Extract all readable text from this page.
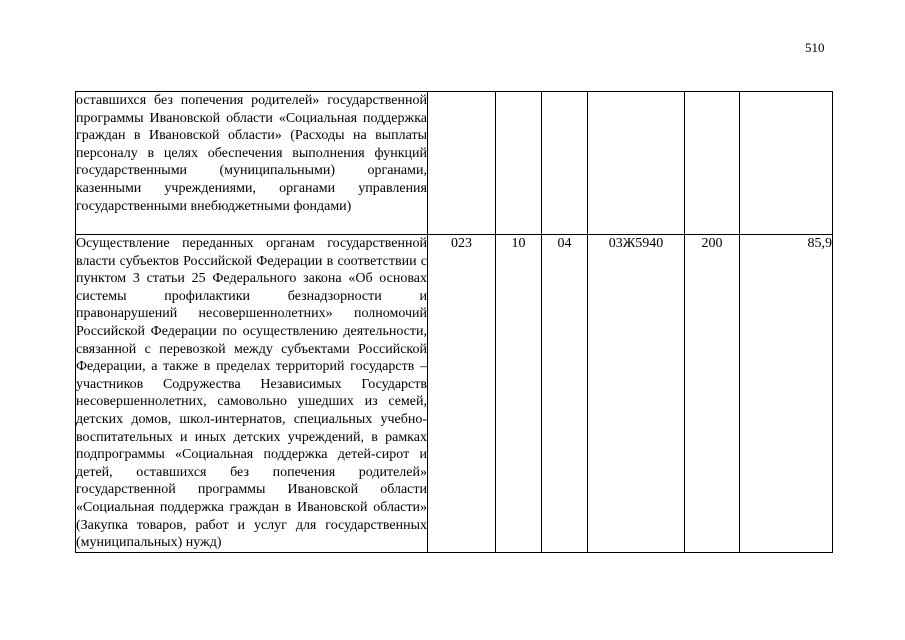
510
оставшихся без попечения родителей» государственной программы Ивановской области «Социальная поддержка граждан в Ивановской области» (Расходы на выплаты персоналу в целях обеспечения выполнения функций государственными (муниципальными) органами, казенными учреждениями, органами управления государственными внебюджетными фондами)						
Осуществление переданных органам государственной власти субъектов Российской Федерации в соответствии с пунктом 3 статьи 25 Федерального закона «Об основах системы профилактики безнадзорности и правонарушений несовершеннолетних» полномочий Российской Федерации по осуществлению деятельности, связанной с перевозкой между субъектами Российской Федерации, а также в пределах территорий государств – участников Содружества Независимых Государств несовершеннолетних, самовольно ушедших из семей, детских домов, школ-интернатов, специальных учебно-воспитательных и иных детских учреждений, в рамках подпрограммы «Социальная поддержка детей-сирот и детей, оставшихся без попечения родителей» государственной программы Ивановской области «Социальная поддержка граждан в Ивановской области» (Закупка товаров, работ и услуг для государственных (муниципальных) нужд)	023	10	04	03Ж5940	200	85,9
